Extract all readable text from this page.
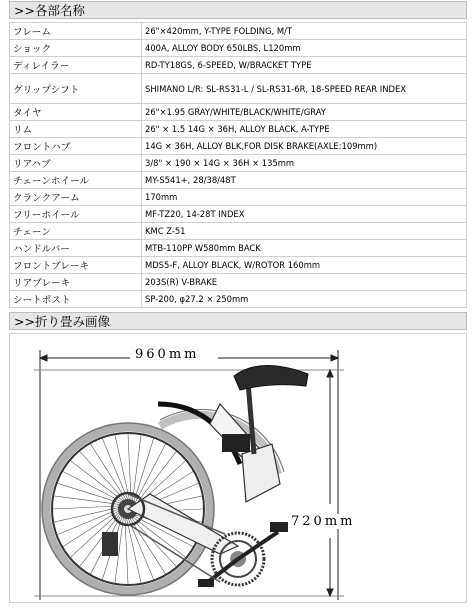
>>各部名称
フレーム	26"×420mm, Y-TYPE FOLDING, M/T
ショック	400A, ALLOY BODY 650LBS, L120mm
ディレイラー	RD-TY18GS, 6-SPEED, W/BRACKET TYPE
グリップシフト	SHIMANO L/R: SL-RS31-L / SL-RS31-6R, 18-SPEED REAR INDEX
タイヤ	26"×1.95 GRAY/WHITE/BLACK/WHITE/GRAY
リム	26" × 1.5 14G × 36H, ALLOY BLACK, A-TYPE
フロントハブ	14G × 36H, ALLOY BLK,FOR DISK BRAKE(AXLE:109mm)
リアハブ	3/8" × 190 × 14G × 36H × 135mm
チェーンホイール	MY-S541+, 28/38/48T
クランクアーム	170mm
フリーホイール	MF-TZ20, 14-28T INDEX
チェーン	KMC Z-51
ハンドルバー	MTB-110PP W580mm BACK
フロントブレーキ	MDS5-F, ALLOY BLACK, W/ROTOR 160mm
リアブレーキ	203S(R) V-BRAKE
シートポスト	SP-200, φ27.2 × 250mm
>>折り畳み画像
960mm
720mm
